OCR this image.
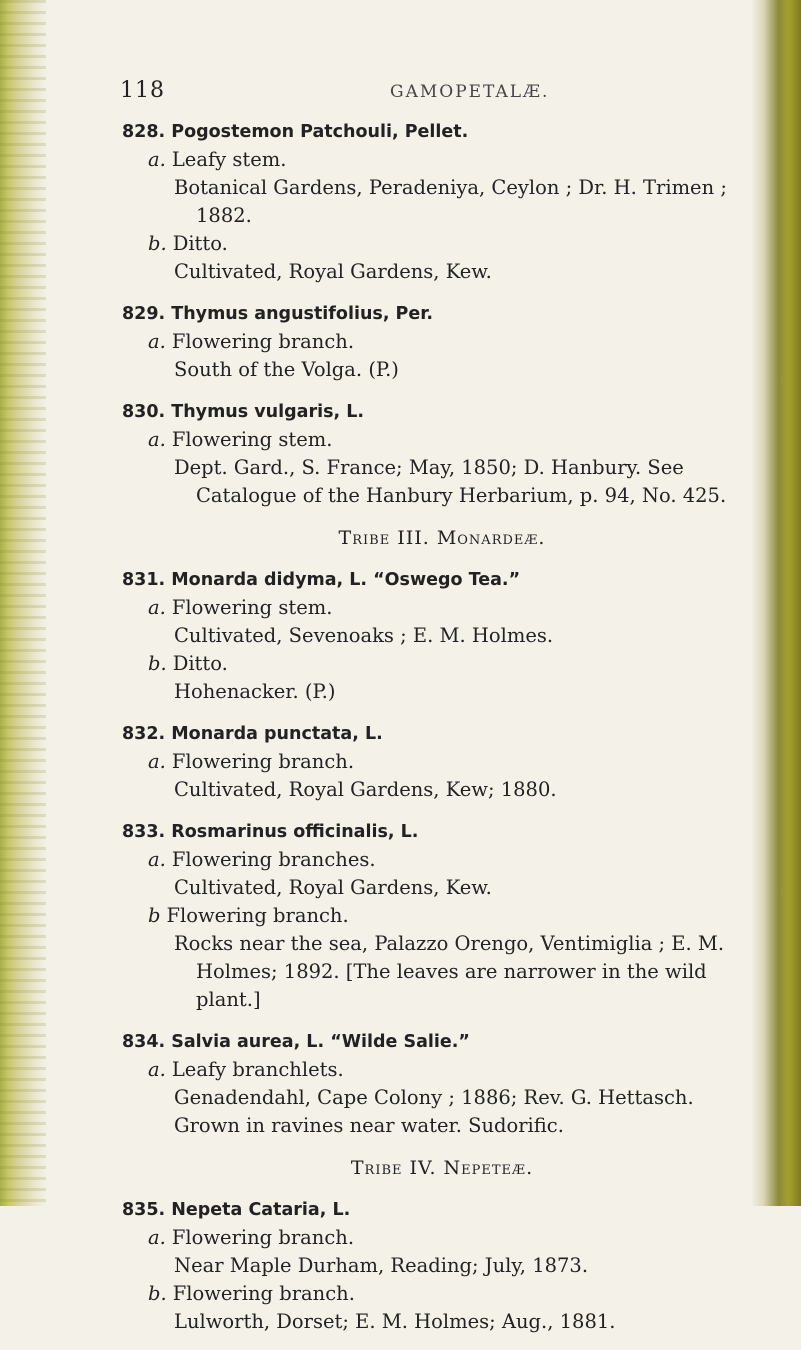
118	GAMOPETALÆ.
828. Pogostemon Patchouli, Pellet.
a. Leafy stem.
Botanical Gardens, Peradeniya, Ceylon ; Dr. H. Trimen ; 1882.
b. Ditto.
Cultivated, Royal Gardens, Kew.
829. Thymus angustifolius, Per.
a. Flowering branch.
South of the Volga. (P.)
830. Thymus vulgaris, L.
a. Flowering stem.
Dept. Gard., S. France; May, 1850; D. Hanbury. See Catalogue of the Hanbury Herbarium, p. 94, No. 425.
Tribe III. Monardeæ.
831. Monarda didyma, L. “Oswego Tea.”
a. Flowering stem.
Cultivated, Sevenoaks ; E. M. Holmes.
b. Ditto.
Hohenacker. (P.)
832. Monarda punctata, L.
a. Flowering branch.
Cultivated, Royal Gardens, Kew; 1880.
833. Rosmarinus officinalis, L.
a. Flowering branches.
Cultivated, Royal Gardens, Kew.
b Flowering branch.
Rocks near the sea, Palazzo Orengo, Ventimiglia ; E. M. Holmes; 1892. [The leaves are narrower in the wild plant.]
834. Salvia aurea, L. “Wilde Salie.”
a. Leafy branchlets.
Genadendahl, Cape Colony ; 1886; Rev. G. Hettasch.
Grown in ravines near water. Sudorific.
Tribe IV. Nepeteæ.
835. Nepeta Cataria, L.
a. Flowering branch.
Near Maple Durham, Reading; July, 1873.
b. Flowering branch.
Lulworth, Dorset; E. M. Holmes; Aug., 1881.
